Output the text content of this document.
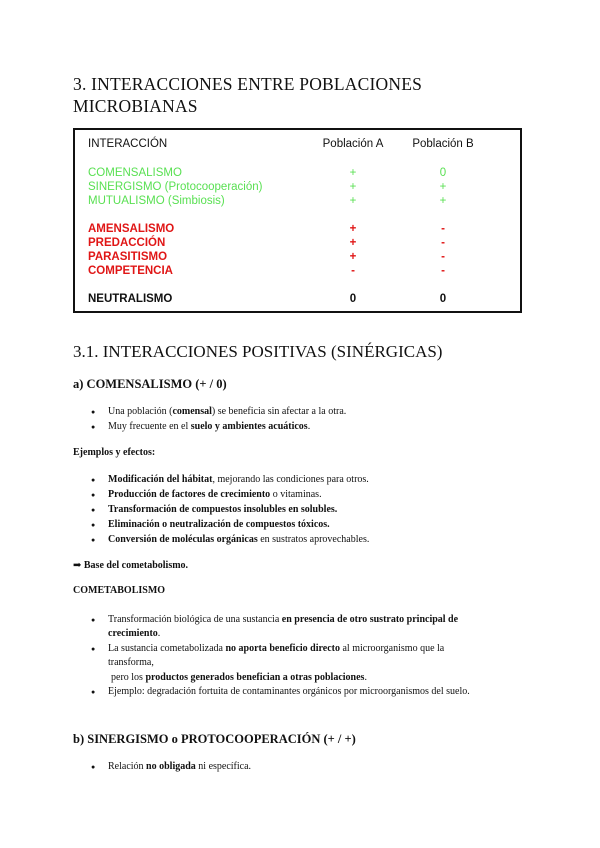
3. INTERACCIONES ENTRE POBLACIONES
MICROBIANAS
INTERACCIÓN	Población A	Población B
COMENSALISMO	+	0
SINERGISMO (Protocooperación)	+	+
MUTUALISMO (Simbiosis)	+	+
AMENSALISMO	+	-
PREDACCIÓN	+	-
PARASITISMO	+	-
COMPETENCIA	-	-
NEUTRALISMO	0	0
3.1. INTERACCIONES POSITIVAS (SINÉRGICAS)
a) COMENSALISMO (+ / 0)
● Una población (comensal) se beneficia sin afectar a la otra.
● Muy frecuente en el suelo y ambientes acuáticos.
Ejemplos y efectos:
● Modificación del hábitat, mejorando las condiciones para otros.
● Producción de factores de crecimiento o vitaminas.
● Transformación de compuestos insolubles en solubles.
● Eliminación o neutralización de compuestos tóxicos.
● Conversión de moléculas orgánicas en sustratos aprovechables.
➡ Base del cometabolismo.
COMETABOLISMO
● Transformación biológica de una sustancia en presencia de otro sustrato principal de
crecimiento.
● La sustancia cometabolizada no aporta beneficio directo al microorganismo que la
transforma,
pero los productos generados benefician a otras poblaciones.
● Ejemplo: degradación fortuita de contaminantes orgánicos por microorganismos del suelo.
b) SINERGISMO o PROTOCOOPERACIÓN (+ / +)
● Relación no obligada ni específica.
